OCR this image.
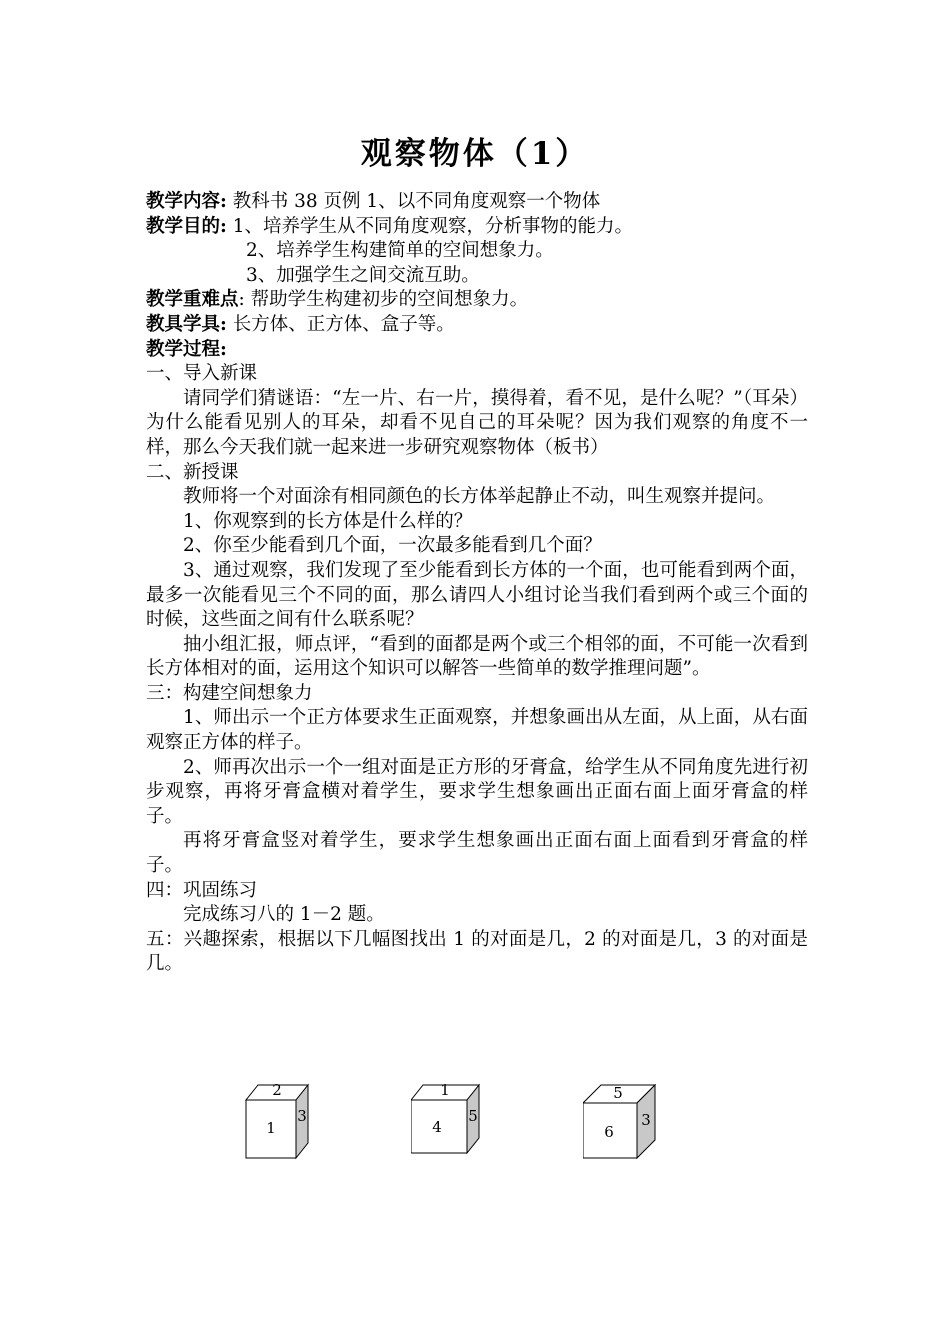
观察物体（1）

教学内容: 教科书 38 页例 1、以不同角度观察一个物体

教学目的: 1、培养学生从不同角度观察，分析事物的能力。

2、培养学生构建简单的空间想象力。

3、加强学生之间交流互助。

教学重难点: 帮助学生构建初步的空间想象力。

教具学具: 长方体、正方体、盒子等。

教学过程:

一、导入新课

请同学们猜谜语：“左一片、右一片，摸得着，看不见，是什么呢？”（耳朵）为什么能看见别人的耳朵，却看不见自己的耳朵呢？因为我们观察的角度不一样，那么今天我们就一起来进一步研究观察物体（板书）

二、新授课

教师将一个对面涂有相同颜色的长方体举起静止不动，叫生观察并提问。

1、你观察到的长方体是什么样的？

2、你至少能看到几个面，一次最多能看到几个面？

3、通过观察，我们发现了至少能看到长方体的一个面，也可能看到两个面，最多一次能看见三个不同的面，那么请四人小组讨论当我们看到两个或三个面的时候，这些面之间有什么联系呢？

抽小组汇报，师点评，“看到的面都是两个或三个相邻的面，不可能一次看到长方体相对的面，运用这个知识可以解答一些简单的数学推理问题”。

三：构建空间想象力

1、师出示一个正方体要求生正面观察，并想象画出从左面，从上面，从右面观察正方体的样子。

2、师再次出示一个一组对面是正方形的牙膏盒，给学生从不同角度先进行初步观察，再将牙膏盒横对着学生，要求学生想象画出正面右面上面牙膏盒的样子。

再将牙膏盒竖对着学生，要求学生想象画出正面右面上面看到牙膏盒的样子。

四：巩固练习

完成练习八的 1－2 题。

五：兴趣探索，根据以下几幅图找出 1 的对面是几，2 的对面是几，3 的对面是几。

2
1
3
1
4
5
5
6
3
